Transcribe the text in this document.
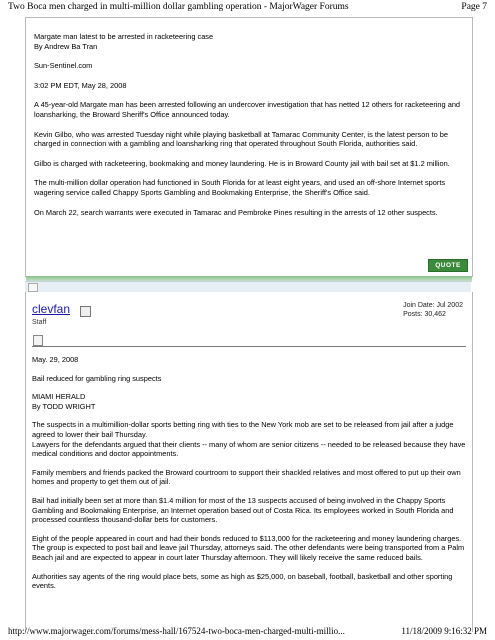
Two Boca men charged in multi-million dollar gambling operation - MajorWager Forums	Page 7

Margate man latest to be arrested in racketeering case
By Andrew Ba Tran

Sun-Sentinel.com

3:02 PM EDT, May 28, 2008

A 45-year-old Margate man has been arrested following an undercover investigation that has netted 12 others for racketeering and loansharking, the Broward Sheriff's Office announced today.

Kevin Gilbo, who was arrested Tuesday night while playing basketball at Tamarac Community Center, is the latest person to be charged in connection with a gambling and loansharking ring that operated throughout South Florida, authorities said.

Gilbo is charged with racketeering, bookmaking and money laundering. He is in Broward County jail with bail set at $1.2 million.

The multi-million dollar operation had functioned in South Florida for at least eight years, and used an off-shore Internet sports wagering service called Chappy Sports Gambling and Bookmaking Enterprise, the Sheriff's Office said.

On March 22, search warrants were executed in Tamarac and Pembroke Pines resulting in the arrests of 12 other suspects.

QUOTE
clevfan
Staff
Join Date: Jul 2002
Posts: 30,462

May. 29, 2008

Bail reduced for gambling ring suspects

MIAMI HERALD
By TODD WRIGHT

The suspects in a multimillion-dollar sports betting ring with ties to the New York mob are set to be released from jail after a judge agreed to lower their bail Thursday.
Lawyers for the defendants argued that their clients -- many of whom are senior citizens -- needed to be released because they have medical conditions and doctor appointments.

Family members and friends packed the Broward courtroom to support their shackled relatives and most offered to put up their own homes and property to get them out of jail.

Bail had initially been set at more than $1.4 million for most of the 13 suspects accused of being involved in the Chappy Sports Gambling and Bookmaking Enterprise, an Internet operation based out of Costa Rica. Its employees worked in South Florida and processed countless thousand-dollar bets for customers.

Eight of the people appeared in court and had their bonds reduced to $113,000 for the racketeering and money laundering charges. The group is expected to post bail and leave jail Thursday, attorneys said. The other defendants were being transported from a Palm Beach jail and are expected to appear in court later Thursday afternoon. They will likely receive the same reduced bails.

Authorities say agents of the ring would place bets, some as high as $25,000, on baseball, football, basketball and other sporting events.

http://www.majorwager.com/forums/mess-hall/167524-two-boca-men-charged-multi-millio...	11/18/2009 9:16:32 PM
